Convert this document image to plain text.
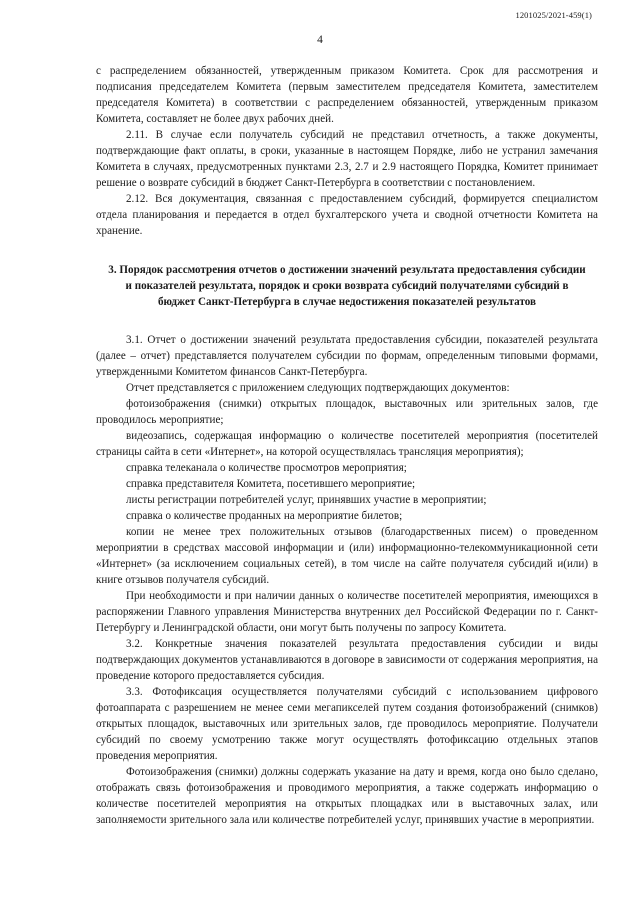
1201025/2021-459(1)
4

с распределением обязанностей, утвержденным приказом Комитета. Срок для рассмотрения и подписания председателем Комитета (первым заместителем председателя Комитета, заместителем председателя Комитета) в соответствии с распределением обязанностей, утвержденным приказом Комитета, составляет не более двух рабочих дней.

2.11. В случае если получатель субсидий не представил отчетность, а также документы, подтверждающие факт оплаты, в сроки, указанные в настоящем Порядке, либо не устранил замечания Комитета в случаях, предусмотренных пунктами 2.3, 2.7 и 2.9 настоящего Порядка, Комитет принимает решение о возврате субсидий в бюджет Санкт-Петербурга в соответствии с постановлением.

2.12. Вся документация, связанная с предоставлением субсидий, формируется специалистом отдела планирования и передается в отдел бухгалтерского учета и сводной отчетности Комитета на хранение.

3. Порядок рассмотрения отчетов о достижении значений результата предоставления субсидии и показателей результата, порядок и сроки возврата субсидий получателями субсидий в бюджет Санкт-Петербурга в случае недостижения показателей результатов

3.1. Отчет о достижении значений результата предоставления субсидии, показателей результата (далее – отчет) представляется получателем субсидии по формам, определенным типовыми формами, утвержденными Комитетом финансов Санкт-Петербурга.

Отчет представляется с приложением следующих подтверждающих документов:

фотоизображения (снимки) открытых площадок, выставочных или зрительных залов, где проводилось мероприятие;

видеозапись, содержащая информацию о количестве посетителей мероприятия (посетителей страницы сайта в сети «Интернет», на которой осуществлялась трансляция мероприятия);

справка телеканала о количестве просмотров мероприятия;

справка представителя Комитета, посетившего мероприятие;

листы регистрации потребителей услуг, принявших участие в мероприятии;

справка о количестве проданных на мероприятие билетов;

копии не менее трех положительных отзывов (благодарственных писем) о проведенном мероприятии в средствах массовой информации и (или) информационно-телекоммуникационной сети «Интернет» (за исключением социальных сетей), в том числе на сайте получателя субсидий и(или) в книге отзывов получателя субсидий.

При необходимости и при наличии данных о количестве посетителей мероприятия, имеющихся в распоряжении Главного управления Министерства внутренних дел Российской Федерации по г. Санкт-Петербургу и Ленинградской области, они могут быть получены по запросу Комитета.

3.2. Конкретные значения показателей результата предоставления субсидии и виды подтверждающих документов устанавливаются в договоре в зависимости от содержания мероприятия, на проведение которого предоставляется субсидия.

3.3. Фотофиксация осуществляется получателями субсидий с использованием цифрового фотоаппарата с разрешением не менее семи мегапикселей путем создания фотоизображений (снимков) открытых площадок, выставочных или зрительных залов, где проводилось мероприятие. Получатели субсидий по своему усмотрению также могут осуществлять фотофиксацию отдельных этапов проведения мероприятия.

Фотоизображения (снимки) должны содержать указание на дату и время, когда оно было сделано, отображать связь фотоизображения и проводимого мероприятия, а также содержать информацию о количестве посетителей мероприятия на открытых площадках или в выставочных залах, или заполняемости зрительного зала или количестве потребителей услуг, принявших участие в мероприятии.
